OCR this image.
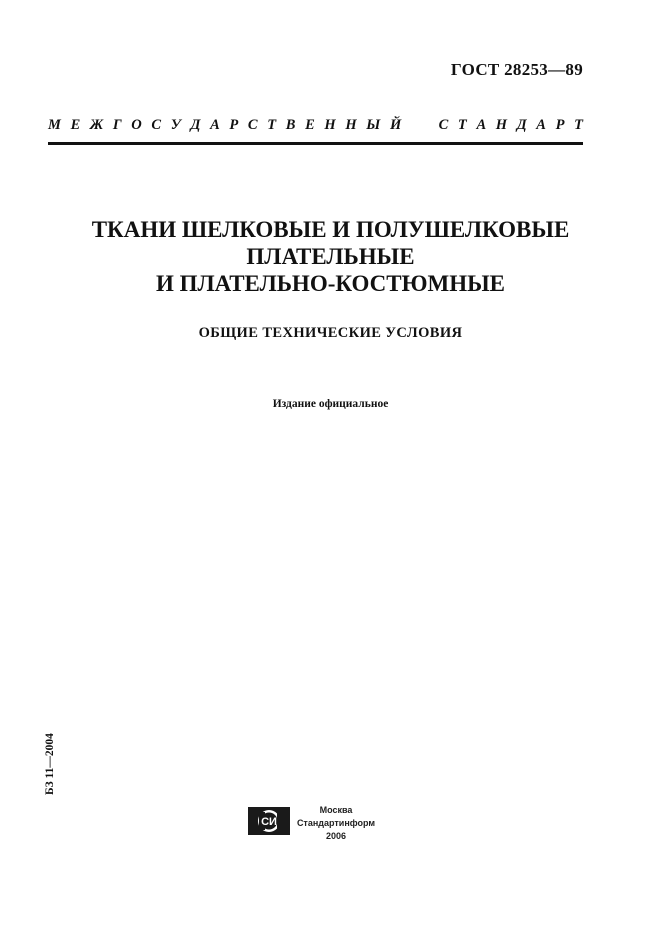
ГОСТ 28253—89
М Е Ж Г О С У Д А Р С Т В Е Н Н Ы Й	С Т А Н Д А Р Т
ТКАНИ ШЕЛКОВЫЕ И ПОЛУШЕЛКОВЫЕ
ПЛАТЕЛЬНЫЕ
И ПЛАТЕЛЬНО-КОСТЮМНЫЕ
ОБЩИЕ ТЕХНИЧЕСКИЕ УСЛОВИЯ
Издание официальное
БЗ 11—2004
СИ
Москва
Стандартинформ
2006
